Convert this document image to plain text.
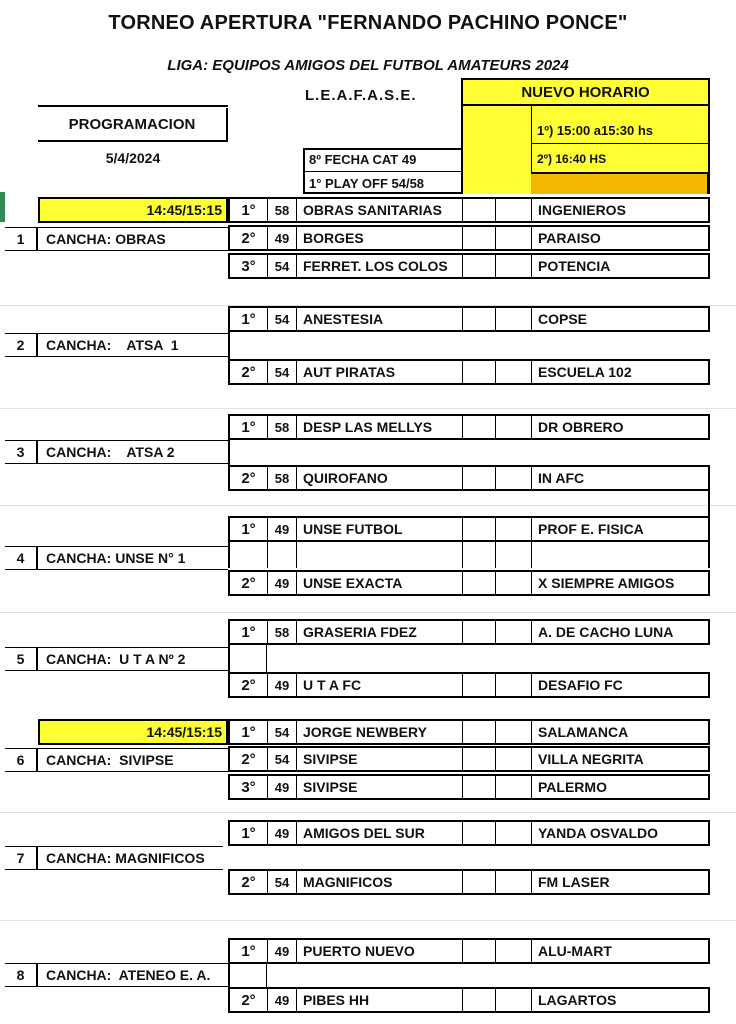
TORNEO APERTURA "FERNANDO PACHINO PONCE"
LIGA: EQUIPOS AMIGOS DEL FUTBOL AMATEURS 2024
L.E.A.F.A.S.E.
PROGRAMACION
5/4/2024
NUEVO HORARIO
1º) 15:00 a15:30 hs
2º) 16:40 HS
8º FECHA CAT 49
1° PLAY OFF 54/58
14:45/15:15	1°	58 OBRAS SANITARIAS	INGENIEROS
1	CANCHA: OBRAS	2°	49 BORGES	PARAISO
3°	54 FERRET. LOS COLOS	POTENCIA
1°	54 ANESTESIA	COPSE
2	CANCHA:    ATSA  1
2°	54 AUT PIRATAS	ESCUELA 102
1°	58 DESP LAS MELLYS	DR OBRERO
3	CANCHA:    ATSA 2
2°	58 QUIROFANO	IN AFC
1°	49 UNSE FUTBOL	PROF E. FISICA
4	CANCHA: UNSE N° 1
2°	49 UNSE EXACTA	X SIEMPRE AMIGOS
1°	58 GRASERIA FDEZ	A. DE CACHO LUNA
5	CANCHA:  U T A Nº 2
2°	49 U T A FC	DESAFIO FC
14:45/15:15	1°	54 JORGE NEWBERY	SALAMANCA
6	CANCHA:  SIVIPSE	2°	54 SIVIPSE	VILLA NEGRITA
3°	49 SIVIPSE	PALERMO
1°	49 AMIGOS DEL SUR	YANDA OSVALDO
7	CANCHA: MAGNIFICOS
2°	54 MAGNIFICOS	FM LASER
1°	49 PUERTO NUEVO	ALU-MART
8	CANCHA:  ATENEO E. A.
2°	49 PIBES HH	LAGARTOS
